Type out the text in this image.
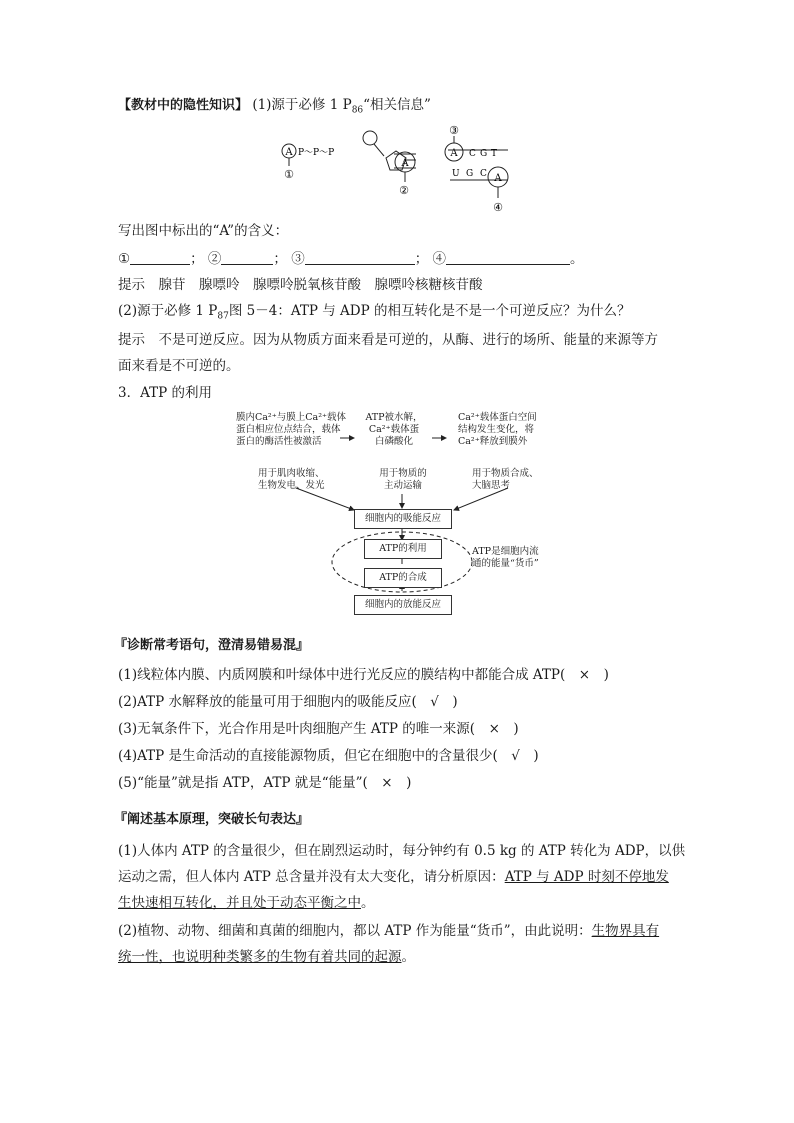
【教材中的隐性知识】 (1)源于必修 1 $P_{86}“$相关信息”
A P～P～P
①
A
②
③
A C G T
U G C A
④
写出图中标出的“A”的含义：
①	； ②	； ③	； ④	。
提示　腺苷　腺嘌呤　腺嘌呤脱氧核苷酸　腺嘌呤核糖核苷酸
(2)源于必修 1 $P_{87}$图 5－4：ATP 与 ADP 的相互转化是不是一个可逆反应？为什么？
提示　不是可逆反应。因为从物质方面来看是可逆的，从酶、进行的场所、能量的来源等方
面来看是不可逆的。
3．ATP 的利用
膜内Ca²⁺与膜上Ca²⁺载体
蛋白相应位点结合，载体
蛋白的酶活性被激活
ATP被水解，
Ca²⁺载体蛋
白磷酸化
Ca²⁺载体蛋白空间
结构发生变化，将
Ca²⁺释放到膜外
用于肌肉收缩、
生物发电、发光
用于物质的
主动运输
用于物质合成、
大脑思考
细胞内的吸能反应
ATP的利用
ATP的合成
细胞内的放能反应
ATP是细胞内流
通的能量“货币”
『诊断常考语句，澄清易错易混』
(1)线粒体内膜、内质网膜和叶绿体中进行光反应的膜结构中都能合成 ATP(　×　)
(2)ATP 水解释放的能量可用于细胞内的吸能反应(　√　)
(3)无氧条件下，光合作用是叶肉细胞产生 ATP 的唯一来源(　×　)
(4)ATP 是生命活动的直接能源物质，但它在细胞中的含量很少(　√　)
(5)“能量”就是指 ATP，ATP 就是“能量”(　×　)
『阐述基本原理，突破长句表达』
(1)人体内 ATP 的含量很少，但在剧烈运动时，每分钟约有 0.5 kg 的 ATP 转化为 ADP，以供
运动之需，但人体内 ATP 总含量并没有太大变化，请分析原因：ATP 与 ADP 时刻不停地发
生快速相互转化，并且处于动态平衡之中。
(2)植物、动物、细菌和真菌的细胞内，都以 ATP 作为能量“货币”，由此说明：生物界具有
统一性，也说明种类繁多的生物有着共同的起源。
